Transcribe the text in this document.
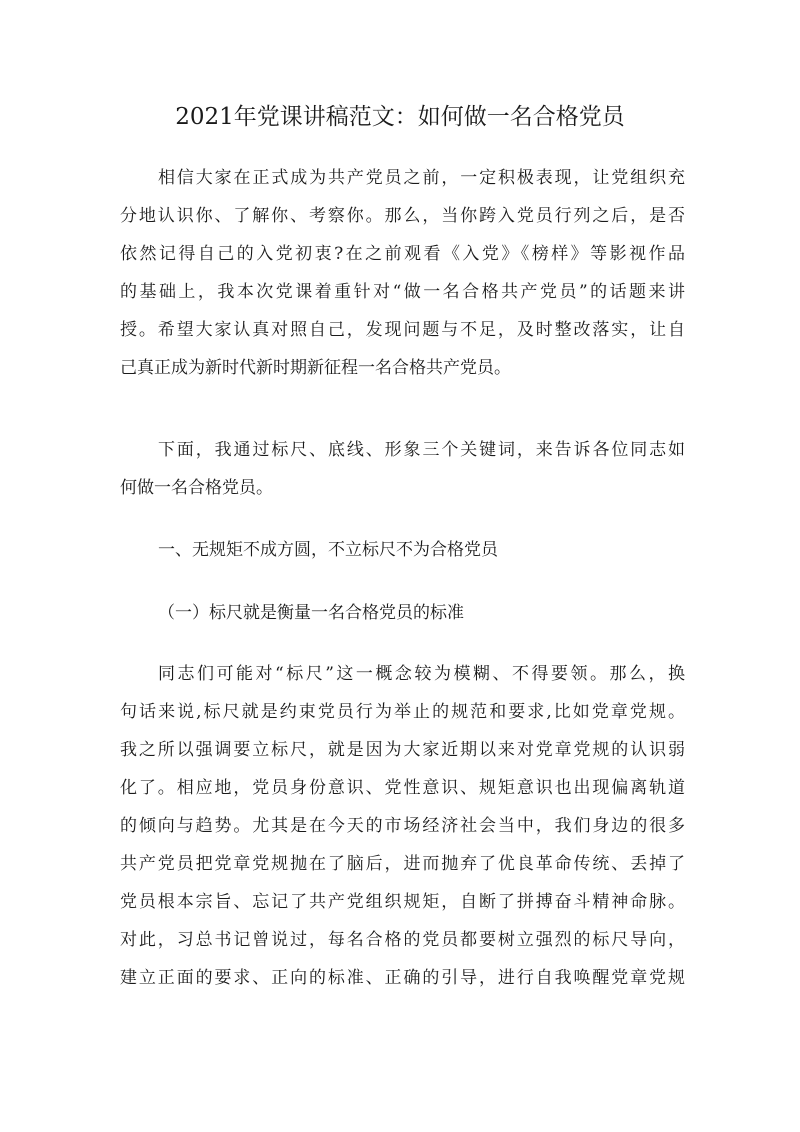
2021年党课讲稿范文：如何做一名合格党员
相信大家在正式成为共产党员之前，一定积极表现，让党组织充
分地认识你、了解你、考察你。那么，当你跨入党员行列之后，是否
依然记得自己的入党初衷?在之前观看《入党》《榜样》等影视作品
的基础上，我本次党课着重针对“做一名合格共产党员”的话题来讲
授。希望大家认真对照自己，发现问题与不足，及时整改落实，让自
己真正成为新时代新时期新征程一名合格共产党员。
下面，我通过标尺、底线、形象三个关键词，来告诉各位同志如
何做一名合格党员。
一、无规矩不成方圆，不立标尺不为合格党员
（一）标尺就是衡量一名合格党员的标准
同志们可能对“标尺”这一概念较为模糊、不得要领。那么，换
句话来说,标尺就是约束党员行为举止的规范和要求,比如党章党规。
我之所以强调要立标尺，就是因为大家近期以来对党章党规的认识弱
化了。相应地，党员身份意识、党性意识、规矩意识也出现偏离轨道
的倾向与趋势。尤其是在今天的市场经济社会当中，我们身边的很多
共产党员把党章党规抛在了脑后，进而抛弃了优良革命传统、丢掉了
党员根本宗旨、忘记了共产党组织规矩，自断了拼搏奋斗精神命脉。
对此，习总书记曾说过，每名合格的党员都要树立强烈的标尺导向，
建立正面的要求、正向的标准、正确的引导，进行自我唤醒党章党规
